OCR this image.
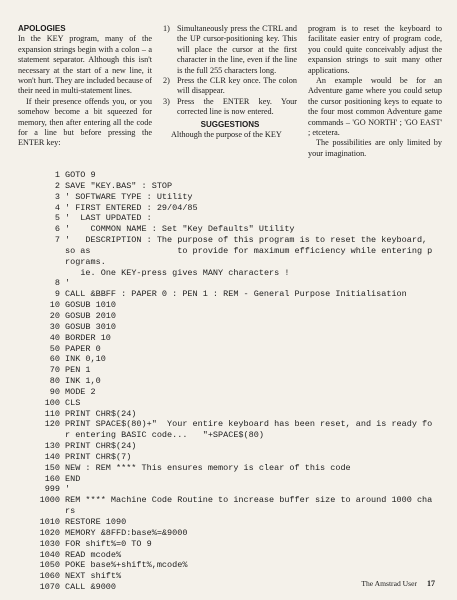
APOLOGIES

In the KEY program, many of the expansion strings begin with a colon – a statement separator. Although this isn't necessary at the start of a new line, it won't hurt. They are included because of their need in multi-statement lines.

If their presence offends you, or you somehow become a bit squeezed for memory, then after entering all the code for a line but before pressing the ENTER key:

1) Simultaneously press the CTRL and the UP cursor-positioning key. This will place the cursor at the first character in the line, even if the line is the full 255 characters long.
2) Press the CLR key once. The colon will disappear.
3) Press the ENTER key. Your corrected line is now entered.
SUGGESTIONS

Although the purpose of the KEY

program is to reset the keyboard to facilitate easier entry of program code, you could quite conceivably adjust the expansion strings to suit many other applications.

An example would be for an Adventure game where you could setup the cursor positioning keys to equate to the four most common Adventure game commands – 'GO NORTH' ; 'GO EAST' ; etcetera.

The possibilities are only limited by your imagination.

1 GOTO 9
2 SAVE "KEY.BAS" : STOP
3 ' SOFTWARE TYPE : Utility
4 ' FIRST ENTERED : 29/04/85
5 '  LAST UPDATED :
6 '    COMMON NAME : Set "Key Defaults" Utility
7 '   DESCRIPTION : The purpose of this program is to reset the keyboard, so as                 to provide for maximum efficiency while entering programs.
ie. One KEY-press gives MANY characters !
8 '
9 CALL &BBFF : PAPER 0 : PEN 1 : REM - General Purpose Initialisation
10 GOSUB 1010
20 GOSUB 2010
30 GOSUB 3010
40 BORDER 10
50 PAPER 0
60 INK 0,10
70 PEN 1
80 INK 1,0
90 MODE 2
100 CLS
110 PRINT CHR$(24)
120 PRINT SPACE$(80)+"  Your entire keyboard has been reset, and is ready for entering BASIC code...   "+SPACE$(80)
130 PRINT CHR$(24)
140 PRINT CHR$(7)
150 NEW : REM **** This ensures memory is clear of this code
160 END
999 '
1000 REM **** Machine Code Routine to increase buffer size to around 1000 chars
1010 RESTORE 1090
1020 MEMORY &8FFD:base%=&9000
1030 FOR shift%=0 TO 9
1040 READ mcode%
1050 POKE base%+shift%,mcode%
1060 NEXT shift%
1070 CALL &9000	The Amstrad User 17
